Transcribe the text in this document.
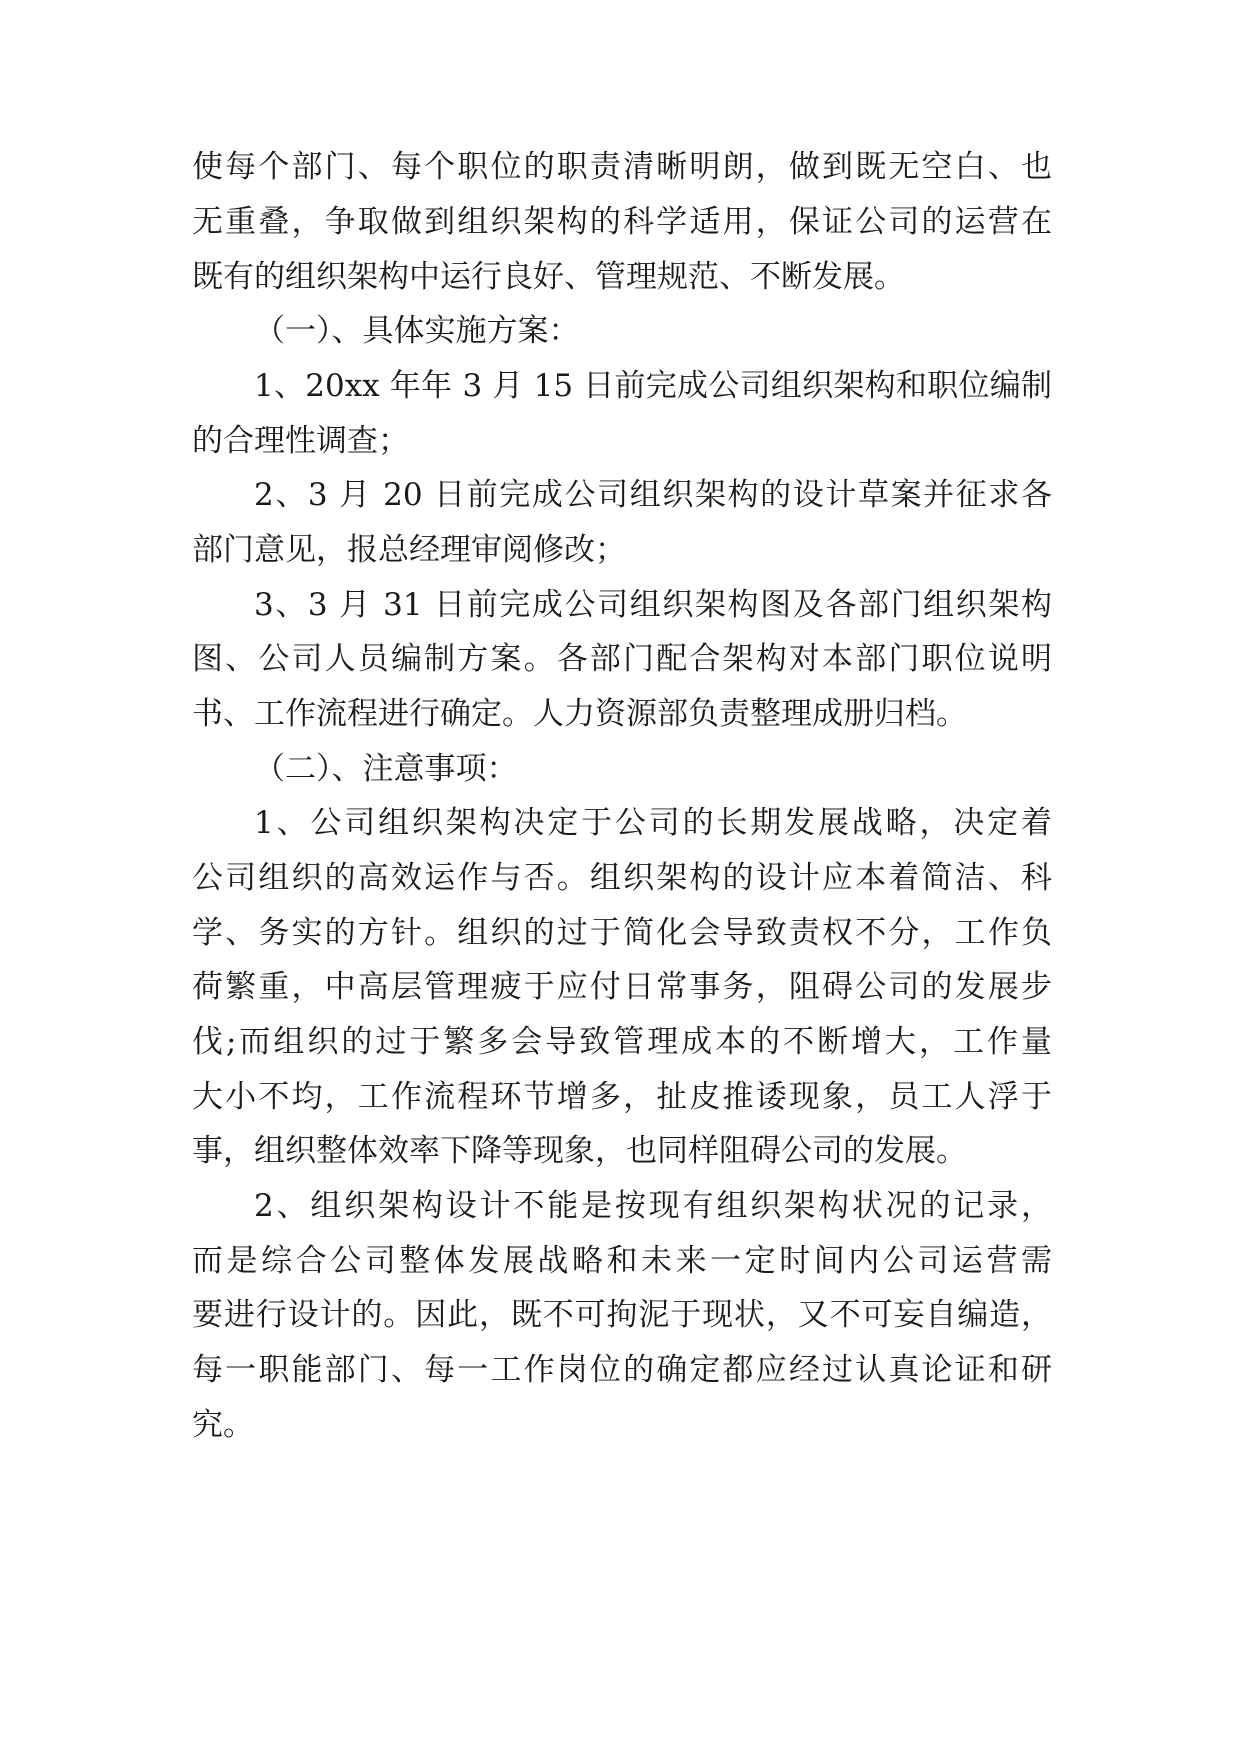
使每个部门、每个职位的职责清晰明朗，做到既无空白、也
无重叠，争取做到组织架构的科学适用，保证公司的运营在
既有的组织架构中运行良好、管理规范、不断发展。
（一）、具体实施方案：
1、20xx 年年 3 月 15 日前完成公司组织架构和职位编制
的合理性调查；
2、3 月 20 日前完成公司组织架构的设计草案并征求各
部门意见，报总经理审阅修改；
3、3 月 31 日前完成公司组织架构图及各部门组织架构
图、公司人员编制方案。各部门配合架构对本部门职位说明
书、工作流程进行确定。人力资源部负责整理成册归档。
（二）、注意事项：
1、公司组织架构决定于公司的长期发展战略，决定着
公司组织的高效运作与否。组织架构的设计应本着简洁、科
学、务实的方针。组织的过于简化会导致责权不分，工作负
荷繁重，中高层管理疲于应付日常事务，阻碍公司的发展步
伐;而组织的过于繁多会导致管理成本的不断增大，工作量
大小不均，工作流程环节增多，扯皮推诿现象，员工人浮于
事，组织整体效率下降等现象，也同样阻碍公司的发展。
2、组织架构设计不能是按现有组织架构状况的记录，
而是综合公司整体发展战略和未来一定时间内公司运营需
要进行设计的。因此，既不可拘泥于现状，又不可妄自编造，
每一职能部门、每一工作岗位的确定都应经过认真论证和研
究。
